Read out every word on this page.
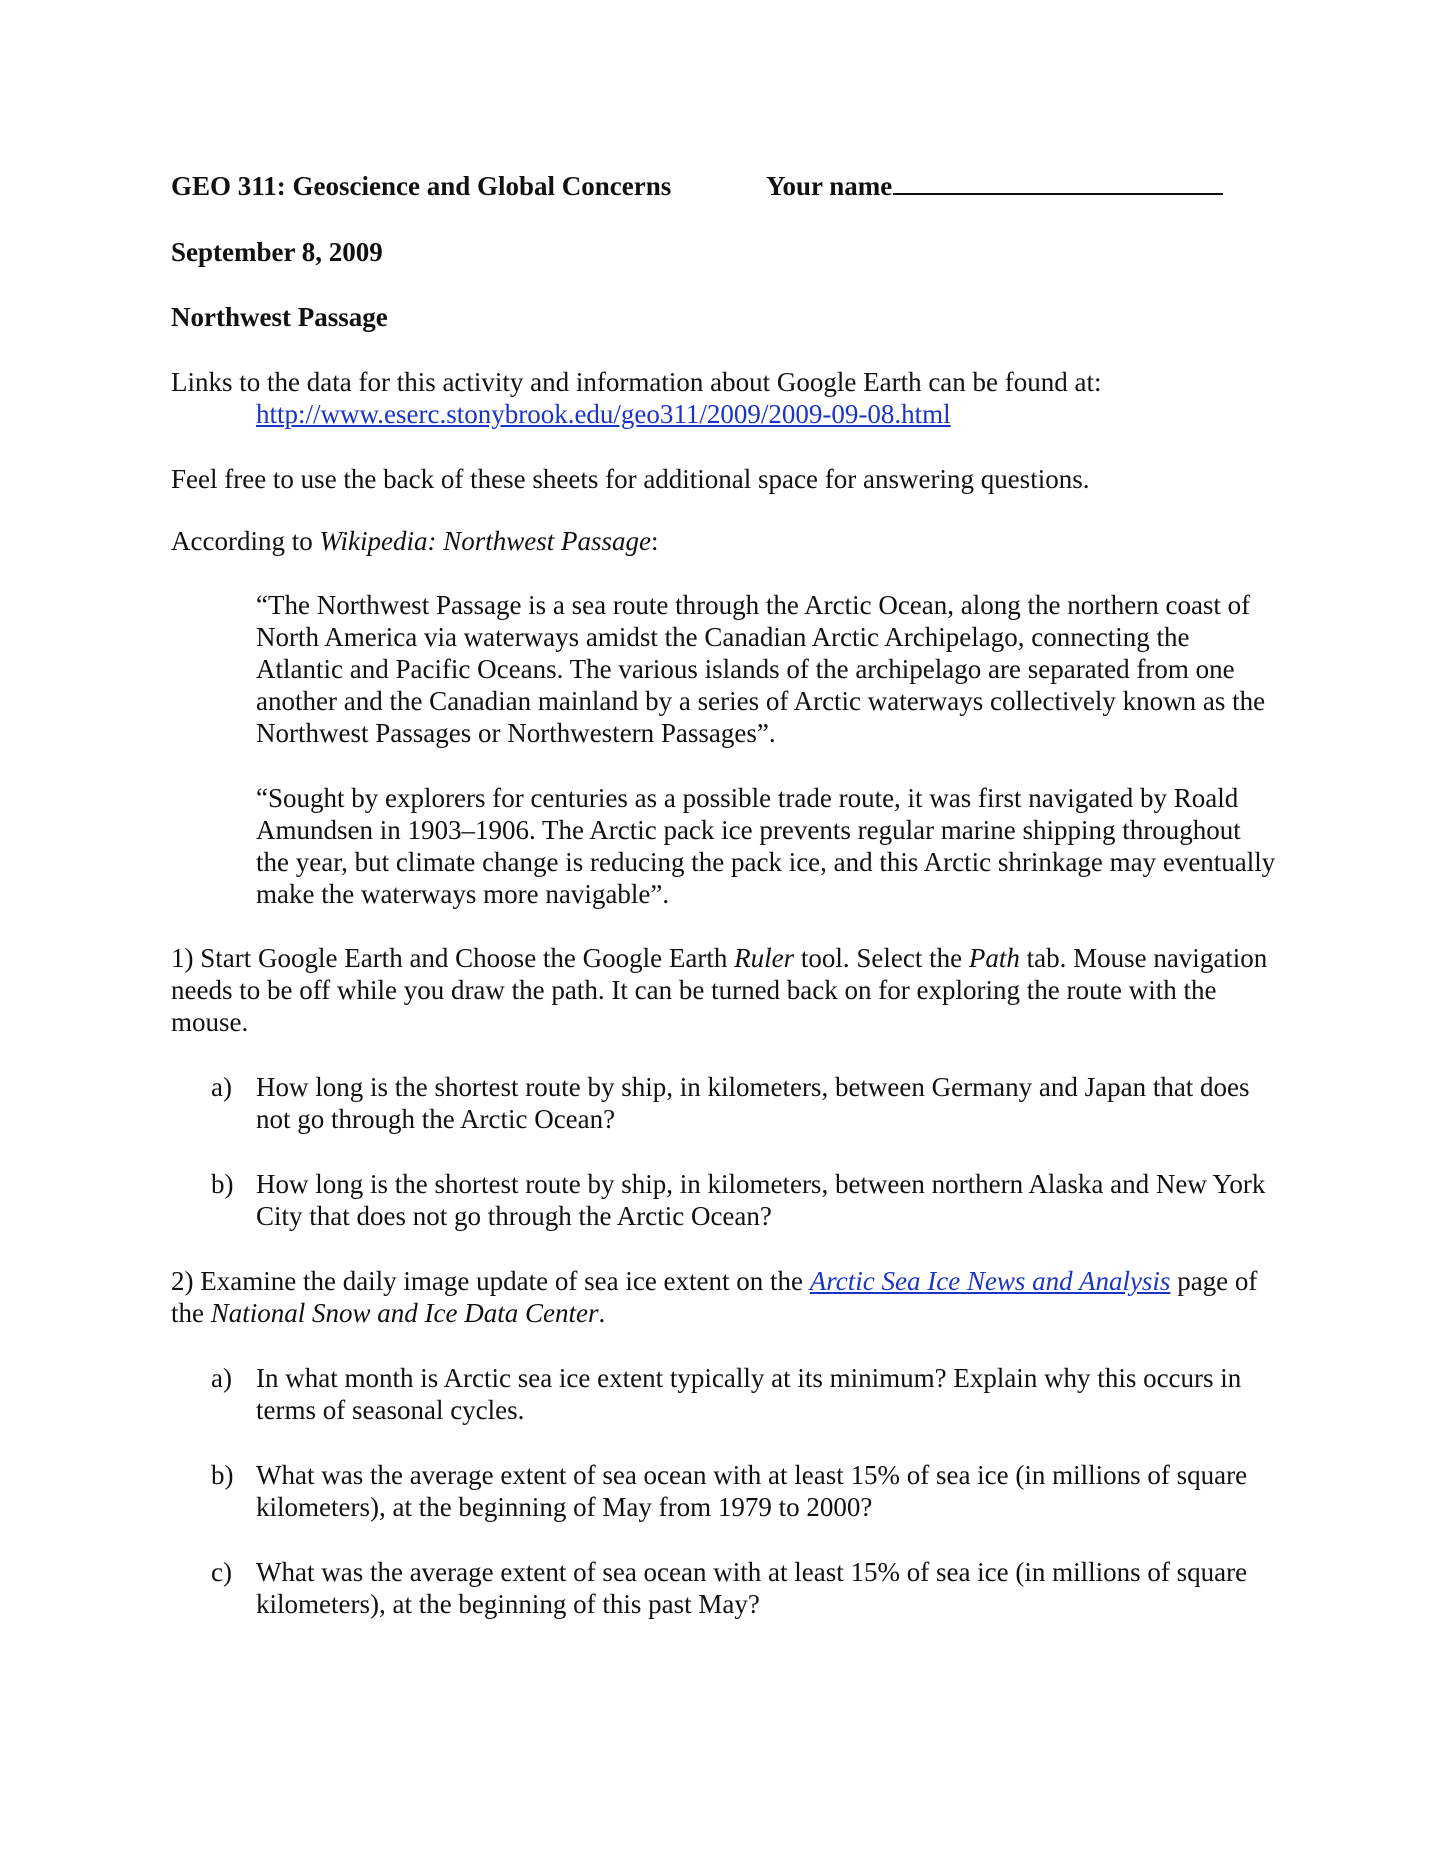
GEO 311: Geoscience and Global Concerns	Your name

September 8, 2009

Northwest Passage

Links to the data for this activity and information about Google Earth can be found at:

http://www.eserc.stonybrook.edu/geo311/2009/2009-09-08.html

Feel free to use the back of these sheets for additional space for answering questions.

According to Wikipedia: Northwest Passage:

“The Northwest Passage is a sea route through the Arctic Ocean, along the northern coast of North America via waterways amidst the Canadian Arctic Archipelago, connecting the Atlantic and Pacific Oceans. The various islands of the archipelago are separated from one another and the Canadian mainland by a series of Arctic waterways collectively known as the Northwest Passages or Northwestern Passages”.

“Sought by explorers for centuries as a possible trade route, it was first navigated by Roald Amundsen in 1903–1906. The Arctic pack ice prevents regular marine shipping throughout the year, but climate change is reducing the pack ice, and this Arctic shrinkage may eventually make the waterways more navigable”.

1) Start Google Earth and Choose the Google Earth Ruler tool. Select the Path tab. Mouse navigation needs to be off while you draw the path. It can be turned back on for exploring the route with the mouse.

a) How long is the shortest route by ship, in kilometers, between Germany and Japan that does not go through the Arctic Ocean?
b) How long is the shortest route by ship, in kilometers, between northern Alaska and New York City that does not go through the Arctic Ocean?

2) Examine the daily image update of sea ice extent on the Arctic Sea Ice News and Analysis page of the National Snow and Ice Data Center.

a) In what month is Arctic sea ice extent typically at its minimum? Explain why this occurs in terms of seasonal cycles.
b) What was the average extent of sea ocean with at least 15% of sea ice (in millions of square kilometers), at the beginning of May from 1979 to 2000?
c) What was the average extent of sea ocean with at least 15% of sea ice (in millions of square kilometers), at the beginning of this past May?
